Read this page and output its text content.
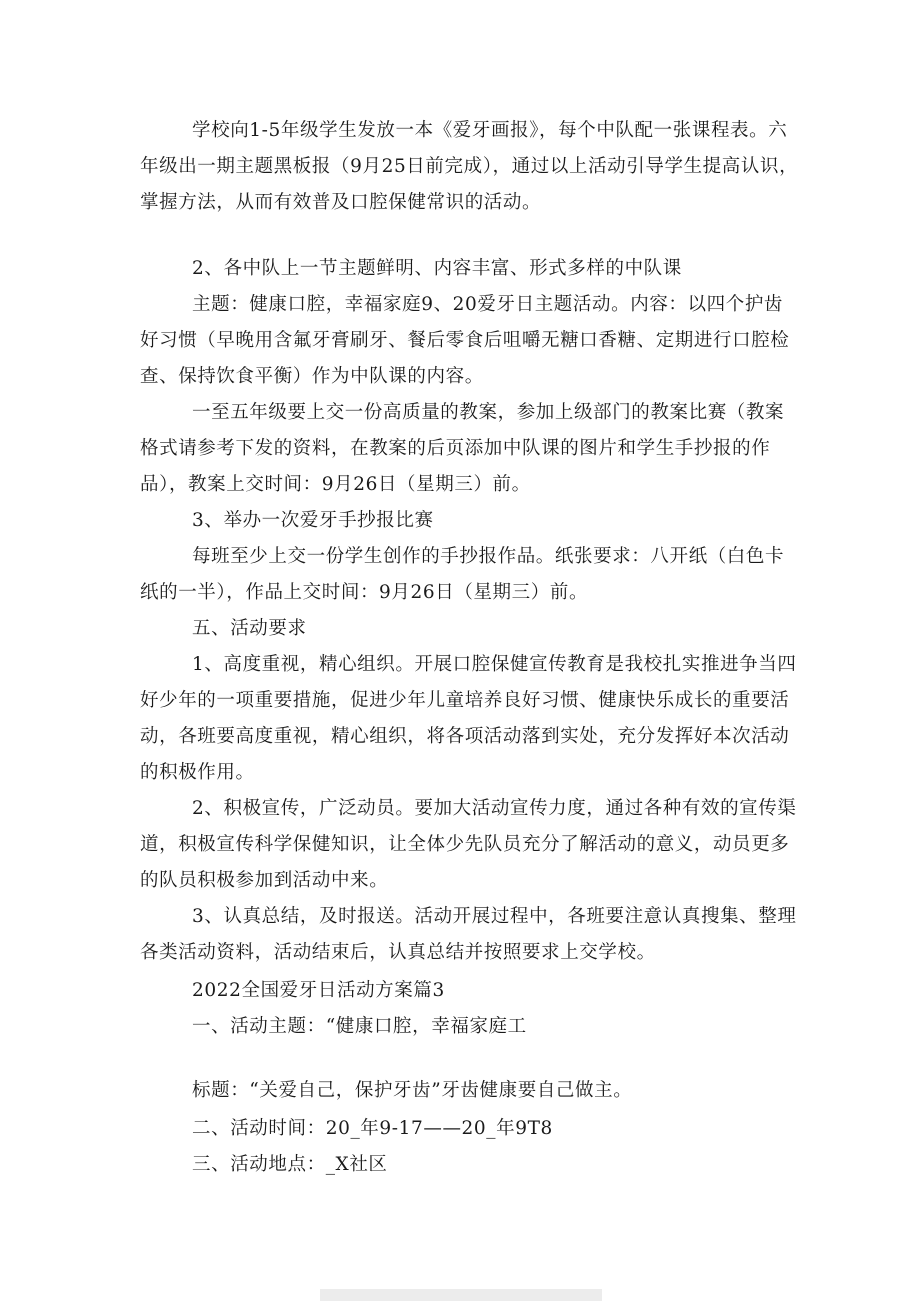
学校向1-5年级学生发放一本《爱牙画报》，每个中队配一张课程表。六年级出一期主题黑板报（9月25日前完成），通过以上活动引导学生提高认识，掌握方法，从而有效普及口腔保健常识的活动。

2、各中队上一节主题鲜明、内容丰富、形式多样的中队课

主题：健康口腔，幸福家庭9、20爱牙日主题活动。内容：以四个护齿好习惯（早晚用含氟牙膏刷牙、餐后零食后咀嚼无糖口香糖、定期进行口腔检查、保持饮食平衡）作为中队课的内容。

一至五年级要上交一份高质量的教案，参加上级部门的教案比赛（教案格式请参考下发的资料，在教案的后页添加中队课的图片和学生手抄报的作品），教案上交时间：9月26日（星期三）前。

3、举办一次爱牙手抄报比赛

每班至少上交一份学生创作的手抄报作品。纸张要求：八开纸（白色卡纸的一半），作品上交时间：9月26日（星期三）前。

五、活动要求

1、高度重视，精心组织。开展口腔保健宣传教育是我校扎实推进争当四好少年的一项重要措施，促进少年儿童培养良好习惯、健康快乐成长的重要活动，各班要高度重视，精心组织，将各项活动落到实处，充分发挥好本次活动的积极作用。

2、积极宣传，广泛动员。要加大活动宣传力度，通过各种有效的宣传渠道，积极宣传科学保健知识，让全体少先队员充分了解活动的意义，动员更多的队员积极参加到活动中来。

3、认真总结，及时报送。活动开展过程中，各班要注意认真搜集、整理各类活动资料，活动结束后，认真总结并按照要求上交学校。

2022全国爱牙日活动方案篇3

一、活动主题：“健康口腔，幸福家庭工

标题：“关爱自己，保护牙齿”牙齿健康要自己做主。

二、活动时间：20_年9-17——20_年9T8

三、活动地点：_X社区
